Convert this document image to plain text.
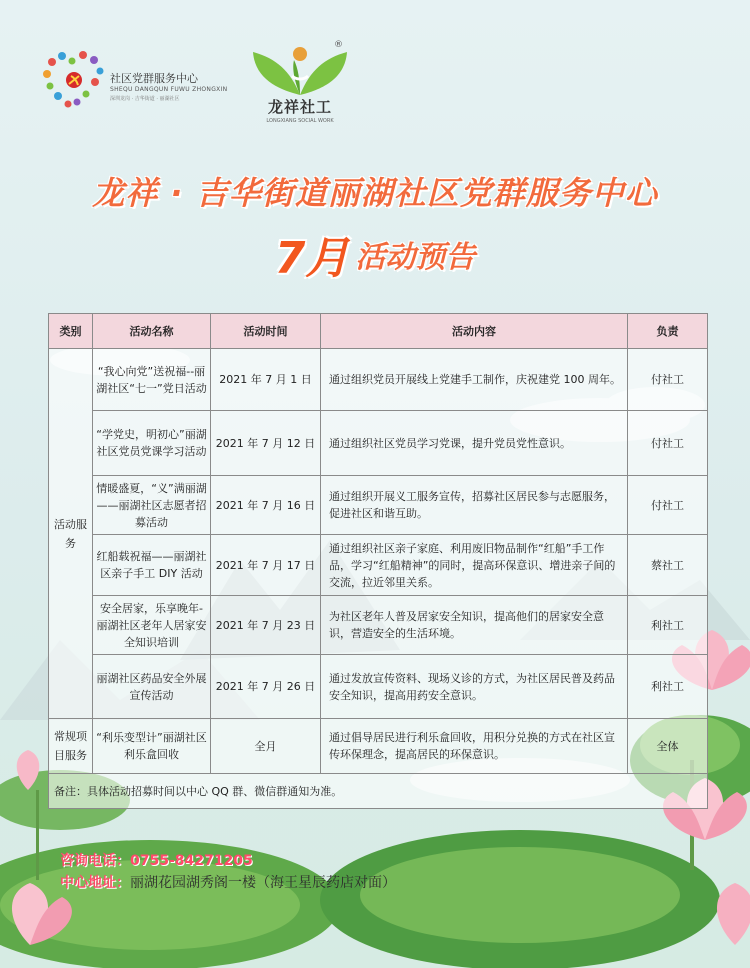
社区党群服务中心
SHEQU DANGQUN FUWU ZHONGXIN
深圳龙岗 · 吉华街道 · 丽湖社区
®
龙祥社工
LONGXIANG SOCIAL WORK
龙祥 · 吉华街道丽湖社区党群服务中心
7月 活动预告
类别	活动名称	活动时间	活动内容	负责
活动服务	“我心向党”送祝福--丽湖社区“七一”党日活动	2021 年 7 月 1 日	通过组织党员开展线上党建手工制作，庆祝建党 100 周年。	付社工
	“学党史，明初心”丽湖社区党员党课学习活动	2021 年 7 月 12 日	通过组织社区党员学习党课，提升党员党性意识。	付社工
	情暖盛夏，“义”满丽湖——丽湖社区志愿者招募活动	2021 年 7 月 16 日	通过组织开展义工服务宣传，招募社区居民参与志愿服务，促进社区和谐互助。	付社工
	红船载祝福——丽湖社区亲子手工 DIY 活动	2021 年 7 月 17 日	通过组织社区亲子家庭、利用废旧物品制作“红船”手工作品，学习“红船精神”的同时，提高环保意识、增进亲子间的交流，拉近邻里关系。	蔡社工
	安全居家，乐享晚年-丽湖社区老年人居家安全知识培训	2021 年 7 月 23 日	为社区老年人普及居家安全知识，提高他们的居家安全意识，营造安全的生活环境。	利社工
	丽湖社区药品安全外展宣传活动	2021 年 7 月 26 日	通过发放宣传资料、现场义诊的方式，为社区居民普及药品安全知识，提高用药安全意识。	利社工
常规项目服务	“利乐变型计”丽湖社区利乐盒回收	全月	通过倡导居民进行利乐盒回收，用积分兑换的方式在社区宣传环保理念，提高居民的环保意识。	全体
备注：具体活动招募时间以中心 QQ 群、微信群通知为准。				
咨询电话：0755-84271205
中心地址：丽湖花园湖秀阁一楼（海王星辰药店对面）
